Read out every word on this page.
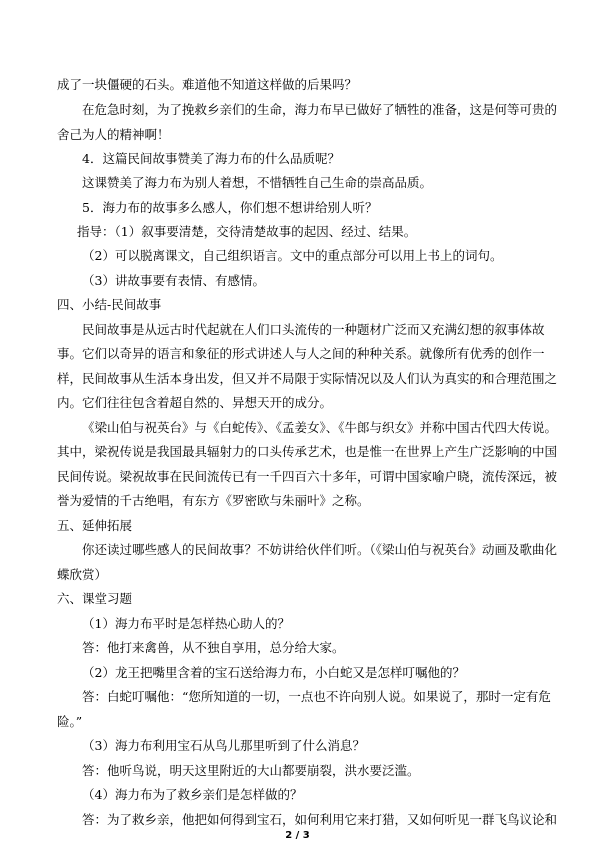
成了一块僵硬的石头。难道他不知道这样做的后果吗？
在危急时刻，为了挽救乡亲们的生命，海力布早已做好了牺牲的准备，这是何等可贵的
舍己为人的精神啊！
4．这篇民间故事赞美了海力布的什么品质呢？
这课赞美了海力布为别人着想，不惜牺牲自己生命的崇高品质。
5．海力布的故事多么感人，你们想不想讲给别人听？
指导：（1）叙事要清楚，交待清楚故事的起因、经过、结果。
（2）可以脱离课文，自己组织语言。文中的重点部分可以用上书上的词句。
（3）讲故事要有表情、有感情。
四、小结-民间故事
民间故事是从远古时代起就在人们口头流传的一种题材广泛而又充满幻想的叙事体故
事。它们以奇异的语言和象征的形式讲述人与人之间的种种关系。就像所有优秀的创作一
样，民间故事从生活本身出发，但又并不局限于实际情况以及人们认为真实的和合理范围之
内。它们往往包含着超自然的、异想天开的成分。
《梁山伯与祝英台》与《白蛇传》、《孟姜女》、《牛郎与织女》并称中国古代四大传说。
其中，梁祝传说是我国最具辐射力的口头传承艺术，也是惟一在世界上产生广泛影响的中国
民间传说。梁祝故事在民间流传已有一千四百六十多年，可谓中国家喻户晓，流传深远，被
誉为爱情的千古绝唱，有东方《罗密欧与朱丽叶》之称。
五、延伸拓展
你还读过哪些感人的民间故事？不妨讲给伙伴们听。（《梁山伯与祝英台》动画及歌曲化
蝶欣赏）
六、课堂习题
（1）海力布平时是怎样热心助人的？
答：他打来禽兽，从不独自享用，总分给大家。
（2）龙王把嘴里含着的宝石送给海力布，小白蛇又是怎样叮嘱他的？
答：白蛇叮嘱他：“您所知道的一切，一点也不许向别人说。如果说了，那时一定有危
险。”
（3）海力布利用宝石从鸟儿那里听到了什么消息？
答：他听鸟说，明天这里附近的大山都要崩裂，洪水要泛滥。
（4）海力布为了救乡亲们是怎样做的？
答：为了救乡亲，他把如何得到宝石，如何利用它来打猎，又如何听见一群飞鸟议论和
2 / 3
